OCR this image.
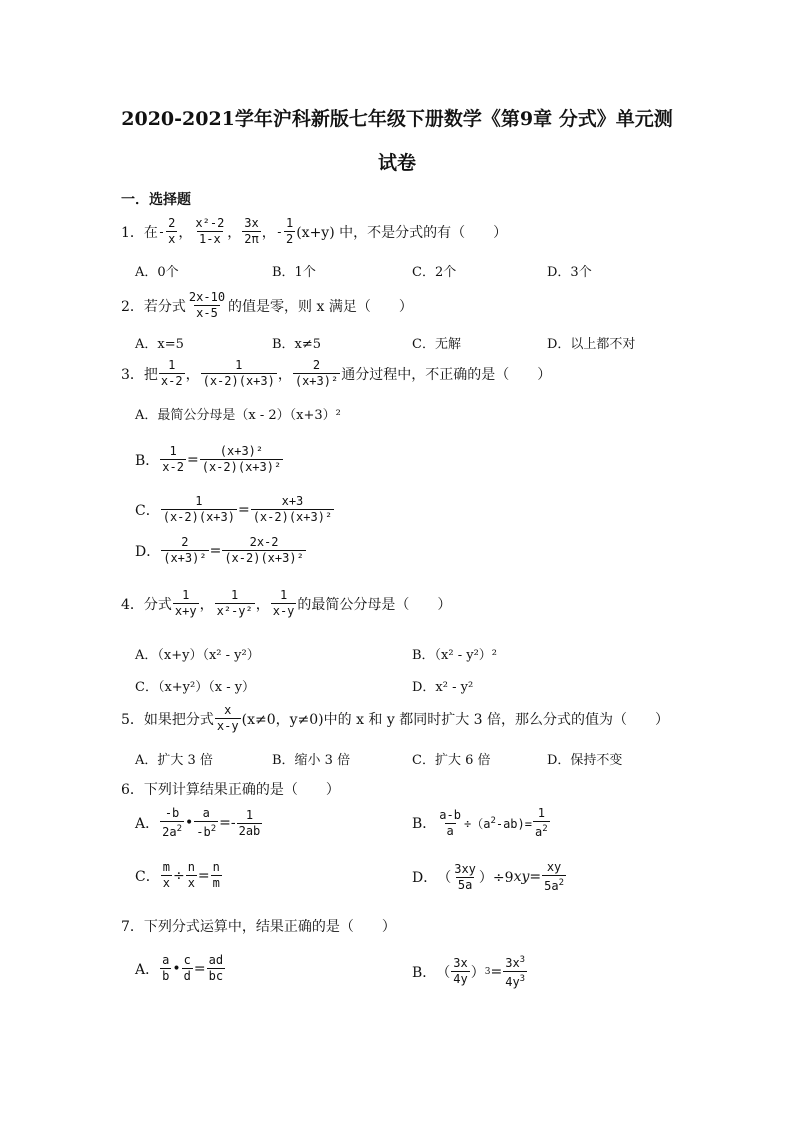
2020-2021学年沪科新版七年级下册数学《第9章 分式》单元测
试卷
一．选择题
1．在 - $\frac{2}{x}$ ， $\frac{\text{x²-2}}{1-x}$ ， $\frac{3x}{2\pi}$ ， - $\frac{1}{2} (x+y)$ 中，不是分式的有（　　）
A．0个	B．1个	C．2个	D．3个
2．若分式 $\frac{2x-10}{x-5}$ 的值是零，则 x 满足（　　）
A．x=5	B．x≠5	C．无解	D．以上都不对
3．把 $\frac{1}{x-2}$ ， $\frac{1}{(x-2)(x+3)}$ ， $\frac{2}{\text{(x+3)²}}$ 通分过程中，不正确的是（　　）
A．最简公分母是（x - 2）（x+3）²
B． $\frac{1}{x-2} = \frac{\text{(x+3)²}}{\text{(x-2)(x+3)²}}$
C． $\frac{1}{(x-2)(x+3)} = \frac{x+3}{\text{(x-2)(x+3)²}}$
D． $\frac{2}{\text{(x+3)²}} = \frac{2x-2}{\text{(x-2)(x+3)²}}$
4．分式 $\frac{1}{x+y}$ ， $\frac{1}{\text{x²-y²}}$ ， $\frac{1}{x-y}$ 的最简公分母是（　　）
A．（x+y）（x² - y²）	B．（x² - y²）²
C．（x+y²）（x - y）	D．x² - y²
5．如果把分式 $\frac{x}{x-y} (x\ne 0$，y≠0)中的 x 和 y 都同时扩大 3 倍，那么分式的值为（　　）
A．扩大 3 倍	B．缩小 3 倍	C．扩大 6 倍	D．保持不变
6．下列计算结果正确的是（　　）
A． $\frac{-b}{2a^2}$ • $\frac{a}{-b^2} =- \frac{1}{2ab}$	B． $\frac{a-b}{a} \div(a^2-ab)= \frac{1}{a^2}$
C． $\frac{m}{x} \div \frac{n}{x} = \frac{n}{m}$	D． （ $\frac{3xy}{5a} )\div 9$ xy = $\frac{xy}{5a^2}$
7．下列分式运算中，结果正确的是（　　）
A． $\frac{a}{b}$ • $\frac{c}{d} = \frac{ad}{bc}$	B． （ $\frac{3x}{4y}$ ） $3 = \frac{3x^3}{4y^3}$
